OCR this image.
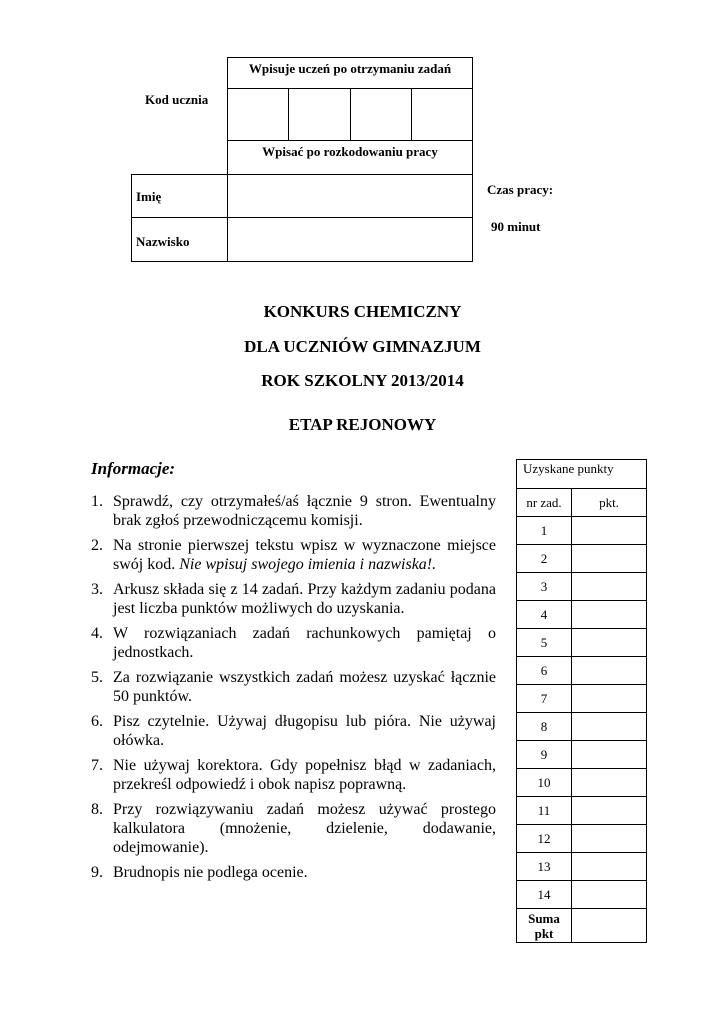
Kod ucznia
Wpisuje uczeń po otrzymaniu zadań
Wpisać po rozkodowaniu pracy
Imię
Nazwisko
Czas pracy:
90 minut
KONKURS CHEMICZNY
DLA UCZNIÓW GIMNAZJUM
ROK SZKOLNY 2013/2014
ETAP REJONOWY
Informacje:
1. Sprawdź, czy otrzymałeś/aś łącznie 9 stron. Ewentualny brak zgłoś przewodniczącemu komisji.
2. Na stronie pierwszej tekstu wpisz w wyznaczone miejsce swój kod. Nie wpisuj swojego imienia i nazwiska!.
3. Arkusz składa się z 14 zadań. Przy każdym zadaniu podana jest liczba punktów możliwych do uzyskania.
4. W rozwiązaniach zadań rachunkowych pamiętaj o jednostkach.
5. Za rozwiązanie wszystkich zadań możesz uzyskać łącznie 50 punktów.
6. Pisz czytelnie. Używaj długopisu lub pióra. Nie używaj ołówka.
7. Nie używaj korektora. Gdy popełnisz błąd w zadaniach, przekreśl odpowiedź i obok napisz poprawną.
8. Przy rozwiązywaniu zadań możesz używać prostego kalkulatora (mnożenie, dzielenie, dodawanie, odejmowanie).
9. Brudnopis nie podlega ocenie.
Uzyskane punkty	
nr zad.	pkt.
1	
2	
3	
4	
5	
6	
7	
8	
9	
10	
11	
12	
13	
14	
Suma
pkt	
